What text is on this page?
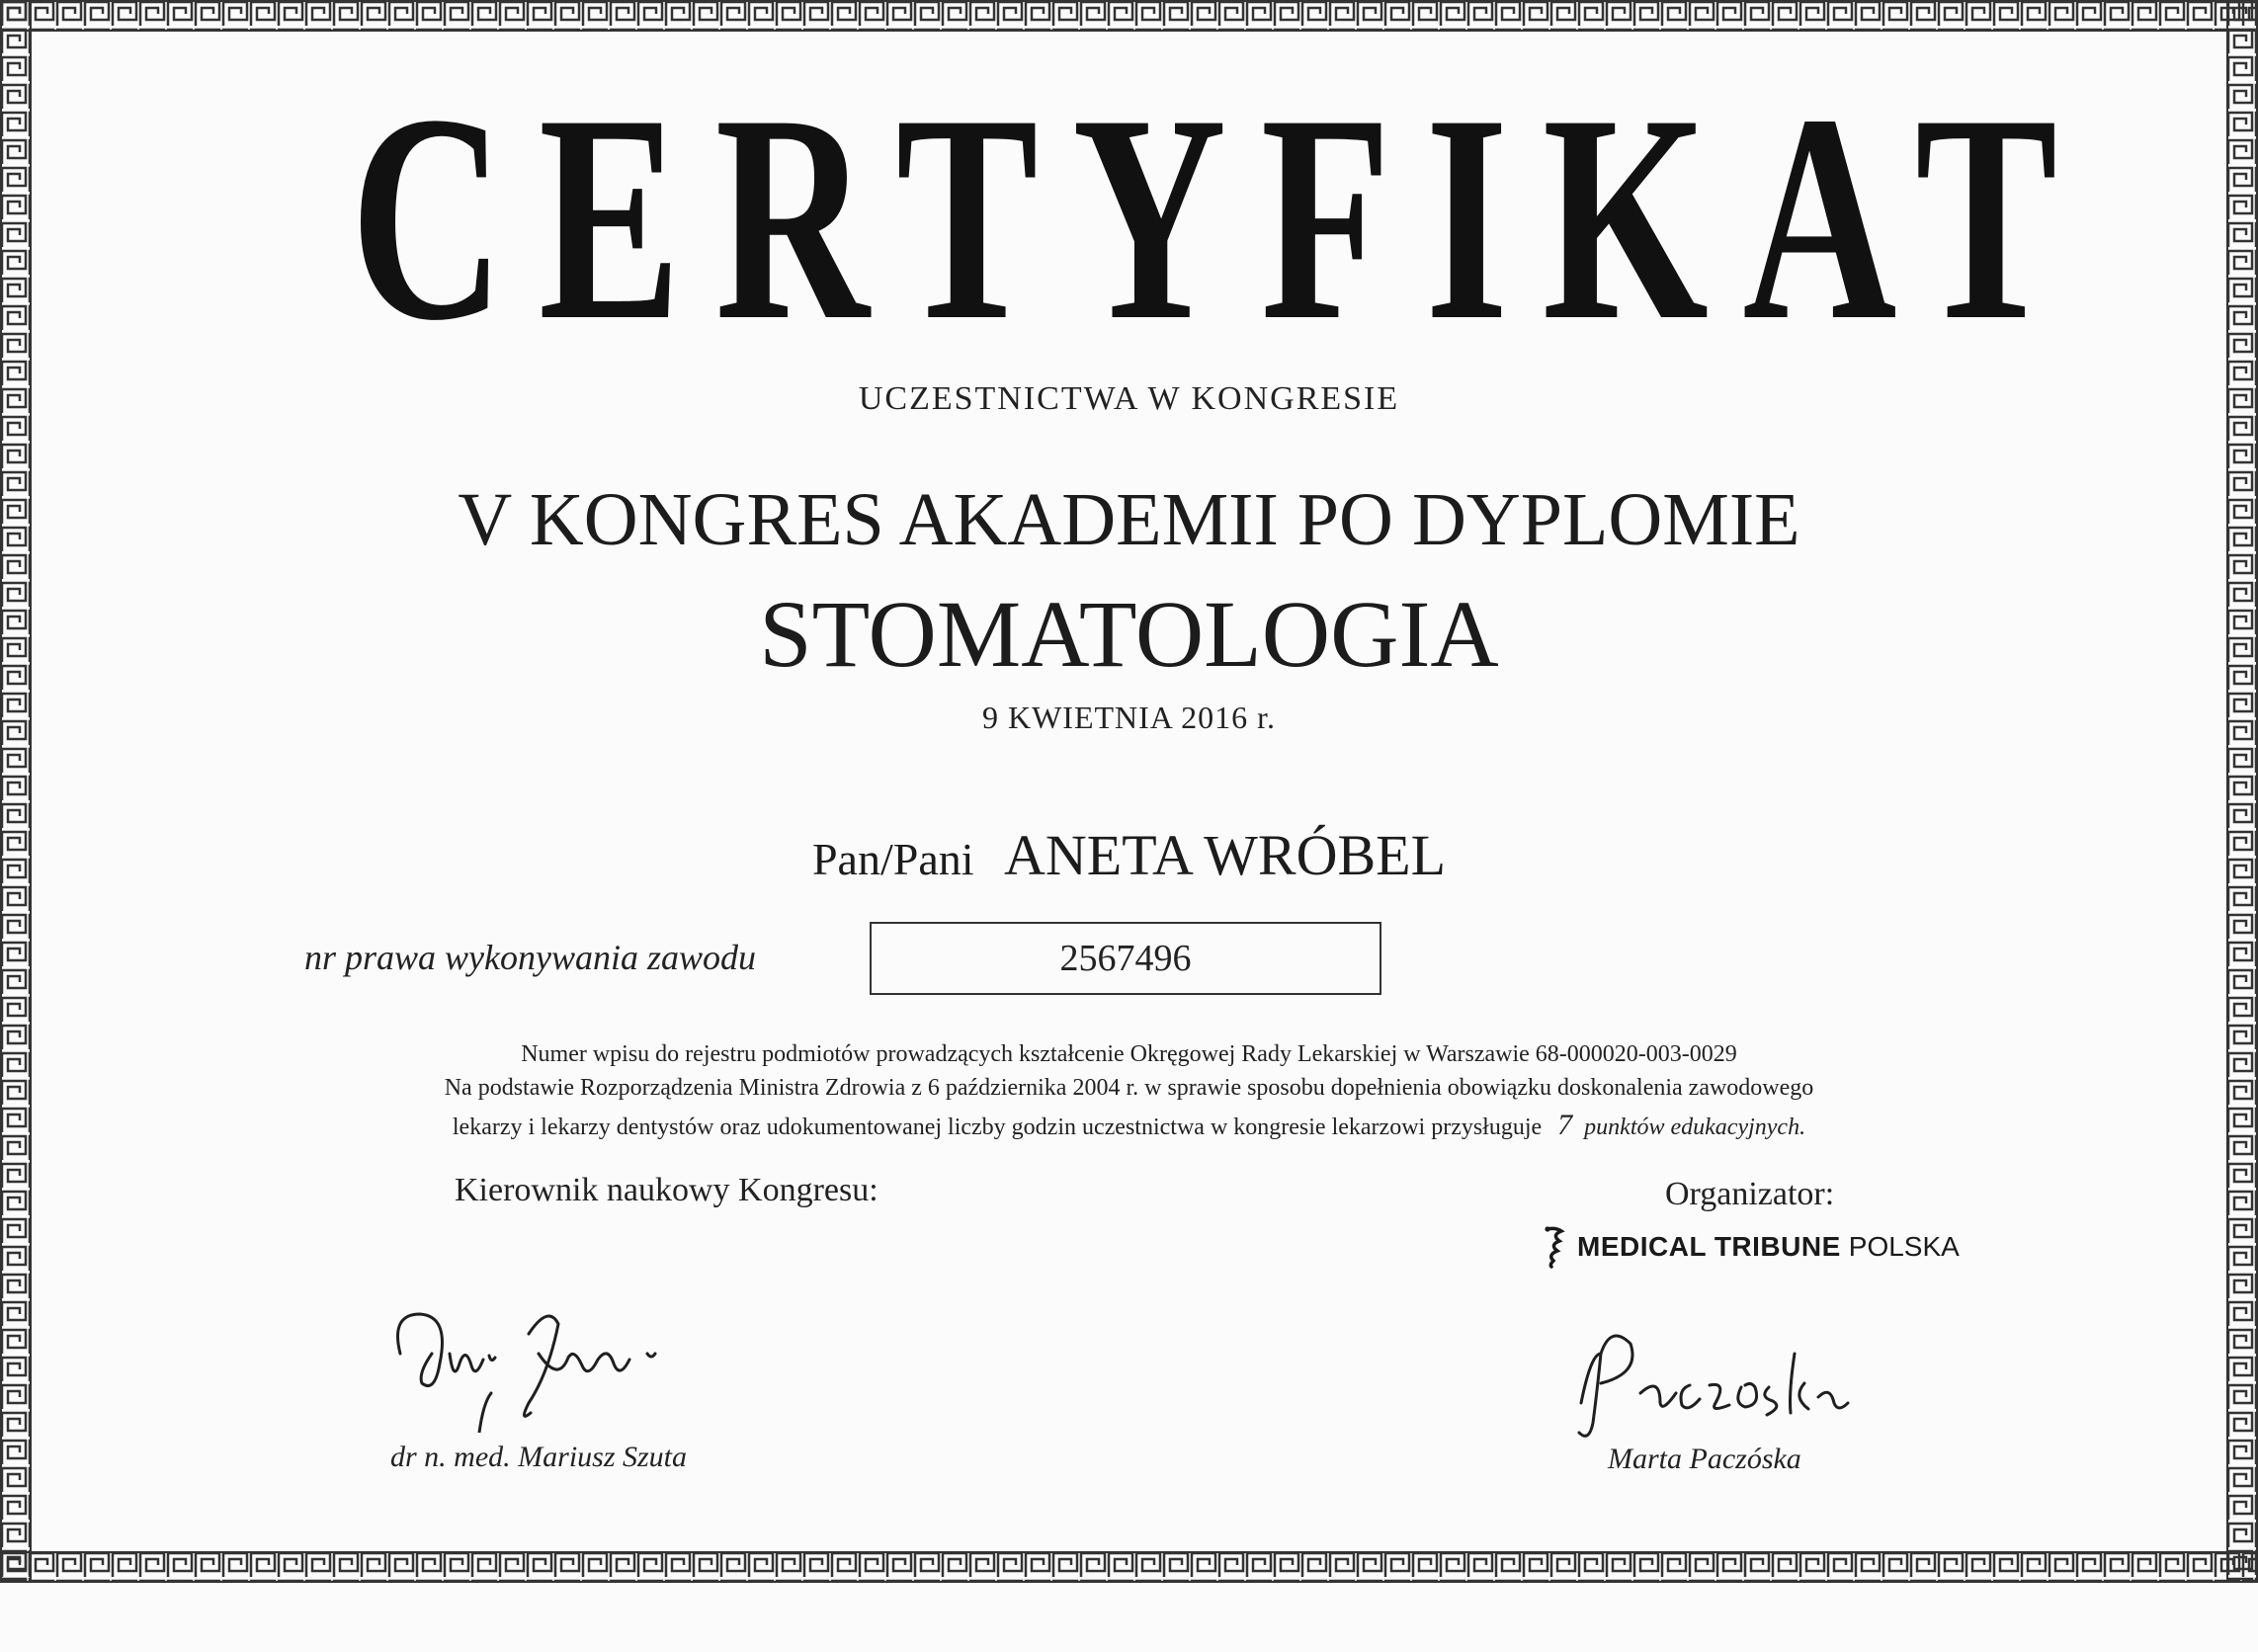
CERTYFIKAT
UCZESTNICTWA W KONGRESIE
V KONGRES AKADEMII PO DYPLOMIE
STOMATOLOGIA
9 KWIETNIA 2016 r.
Pan/Pani ANETA WRÓBEL
nr prawa wykonywania zawodu	2567496
Numer wpisu do rejestru podmiotów prowadzących kształcenie Okręgowej Rady Lekarskiej w Warszawie 68-000020-003-0029
Na podstawie Rozporządzenia Ministra Zdrowia z 6 października 2004 r. w sprawie sposobu dopełnienia obowiązku doskonalenia zawodowego
lekarzy i lekarzy dentystów oraz udokumentowanej liczby godzin uczestnictwa w kongresie lekarzowi przysługuje 7 punktów edukacyjnych.
Kierownik naukowy Kongresu:	Organizator:
MEDICAL TRIBUNE POLSKA
dr n. med. Mariusz Szuta	Marta Paczóska
